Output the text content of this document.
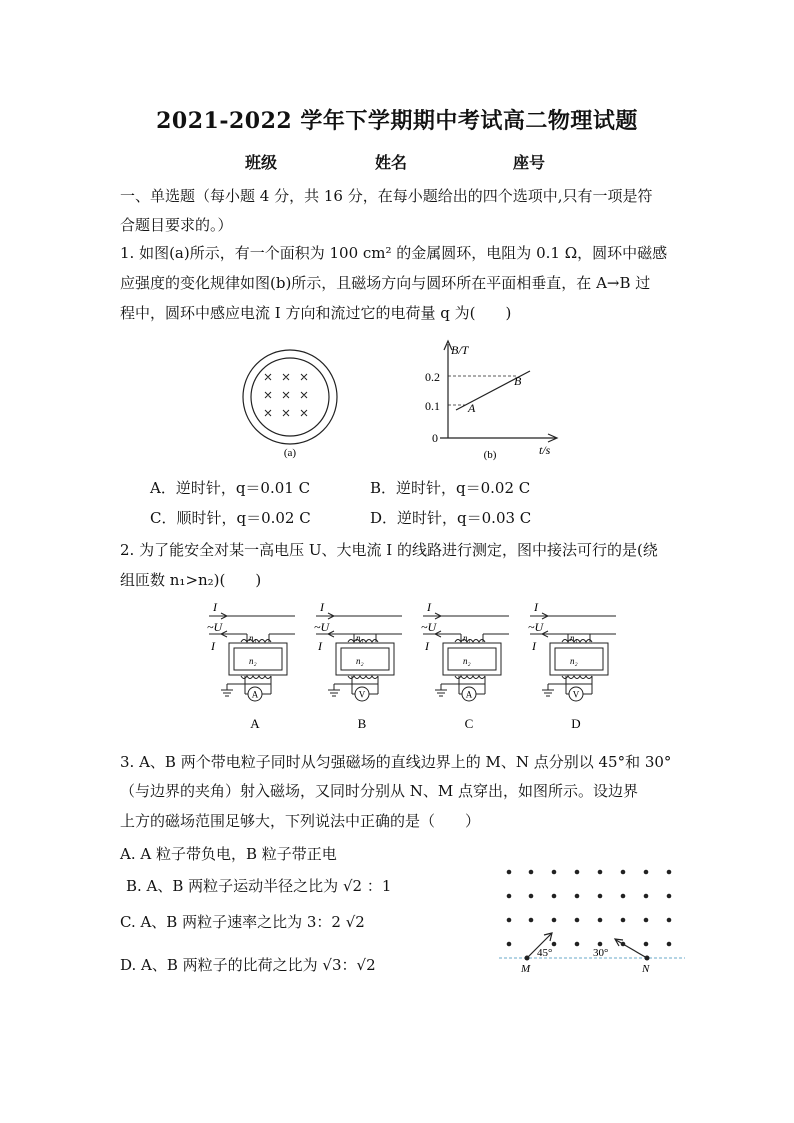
2021-2022 学年下学期期中考试高二物理试题
班级	姓名	座号
一、单选题（每小题 4 分，共 16 分，在每小题给出的四个选项中,只有一项是符
合题目要求的。）
1. 如图(a)所示，有一个面积为 100 cm² 的金属圆环，电阻为 0.1 Ω，圆环中磁感
应强度的变化规律如图(b)所示，且磁场方向与圆环所在平面相垂直，在 A→B 过
程中，圆环中感应电流 I 方向和流过它的电荷量 q 为(　　)
(a)
B/T
t/s
0.2
0.1
0
A
B
(b)
A．逆时针，q＝0.01 C	B．逆时针，q＝0.02 C
C．顺时针，q＝0.02 C	D．逆时针，q＝0.03 C
2. 为了能安全对某一高电压 U、大电流 I 的线路进行测定，图中接法可行的是(绕
组匝数 n₁>n₂)(　　)
I
~U
I
n₁
n₂
A
A
I
~U
I
n₁
n₂
V
B
I
~U
I
n₁
n₂
A
C
I
~U
I
n₁
n₂
V
D
3. A、B 两个带电粒子同时从匀强磁场的直线边界上的 M、N 点分别以 45°和 30°
（与边界的夹角）射入磁场，又同时分别从 N、M 点穿出，如图所示。设边界
上方的磁场范围足够大，下列说法中正确的是（　　）
A. A 粒子带负电，B 粒子带正电
B. A、B 两粒子运动半径之比为 √2 ：1
C. A、B 两粒子速率之比为 3：2 √2
D. A、B 两粒子的比荷之比为 √3：√2
45°	30°
M	N
